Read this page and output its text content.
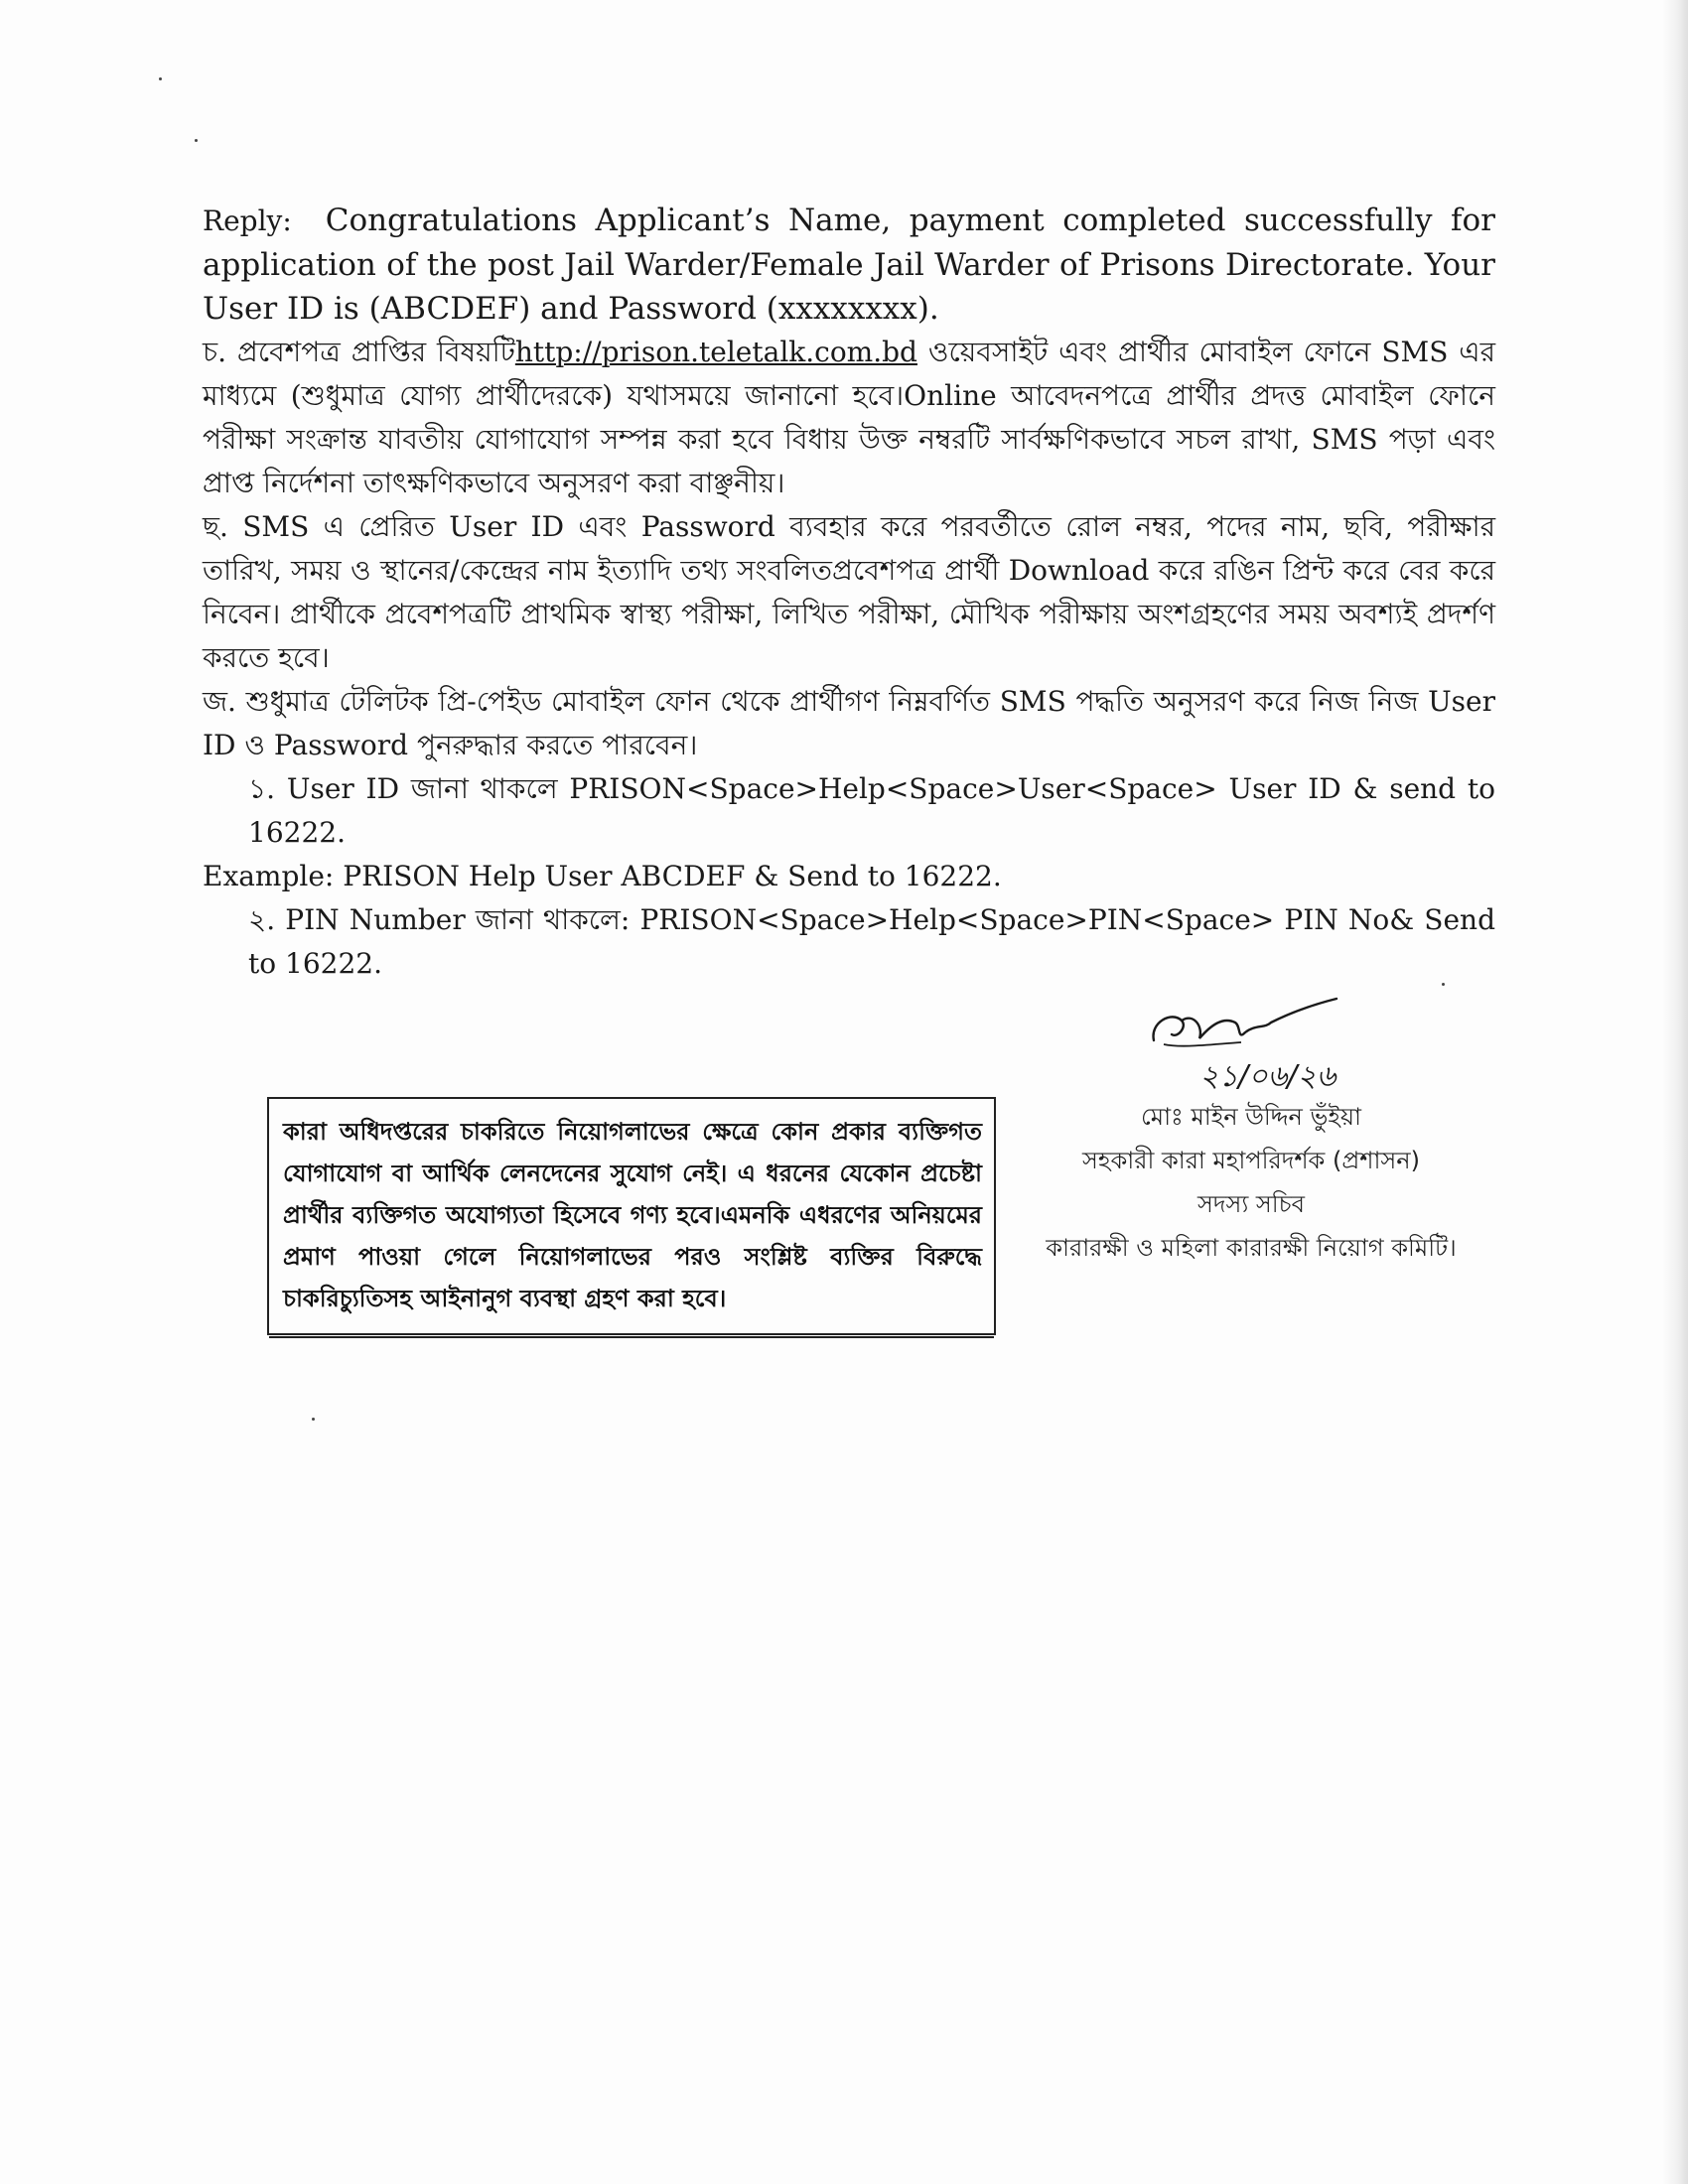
Reply: Congratulations Applicant’s Name, payment completed successfully for application of the post Jail Warder/Female Jail Warder of Prisons Directorate. Your User ID is (ABCDEF) and Password (xxxxxxxx).

চ. প্রবেশপত্র প্রাপ্তির বিষয়টিhttp://prison.teletalk.com.bd ওয়েবসাইট এবং প্রার্থীর মোবাইল ফোনে SMS এর মাধ্যমে (শুধুমাত্র যোগ্য প্রার্থীদেরকে) যথাসময়ে জানানো হবে।Online আবেদনপত্রে প্রার্থীর প্রদত্ত মোবাইল ফোনে পরীক্ষা সংক্রান্ত যাবতীয় যোগাযোগ সম্পন্ন করা হবে বিধায় উক্ত নম্বরটি সার্বক্ষণিকভাবে সচল রাখা, SMS পড়া এবং প্রাপ্ত নির্দেশনা তাৎক্ষণিকভাবে অনুসরণ করা বাঞ্ছনীয়।

ছ. SMS এ প্রেরিত User ID এবং Password ব্যবহার করে পরবর্তীতে রোল নম্বর, পদের নাম, ছবি, পরীক্ষার তারিখ, সময় ও স্থানের/কেন্দ্রের নাম ইত্যাদি তথ্য সংবলিতপ্রবেশপত্র প্রার্থী Download করে রঙিন প্রিন্ট করে বের করে নিবেন। প্রার্থীকে প্রবেশপত্রটি প্রাথমিক স্বাস্থ্য পরীক্ষা, লিখিত পরীক্ষা, মৌখিক পরীক্ষায় অংশগ্রহণের সময় অবশ্যই প্রদর্শণ করতে হবে।

জ. শুধুমাত্র টেলিটক প্রি-পেইড মোবাইল ফোন থেকে প্রার্থীগণ নিম্নবর্ণিত SMS পদ্ধতি অনুসরণ করে নিজ নিজ User ID ও Password পুনরুদ্ধার করতে পারবেন।

১. User ID জানা থাকলে PRISON<Space>Help<Space>User<Space> User ID & send to 16222.

Example: PRISON Help User ABCDEF & Send to 16222.

২. PIN Number জানা থাকলে: PRISON<Space>Help<Space>PIN<Space> PIN No& Send to 16222.

২১/০৬/২৬
কারা অধিদপ্তরের চাকরিতে নিয়োগলাভের ক্ষেত্রে কোন প্রকার ব্যক্তিগত যোগাযোগ বা আর্থিক লেনদেনের সুযোগ নেই। এ ধরনের যেকোন প্রচেষ্টা প্রার্থীর ব্যক্তিগত অযোগ্যতা হিসেবে গণ্য হবে।এমনকি এধরণের অনিয়মের প্রমাণ পাওয়া গেলে নিয়োগলাভের পরও সংশ্লিষ্ট ব্যক্তির বিরুদ্ধে চাকরিচ্যুতিসহ আইনানুগ ব্যবস্থা গ্রহণ করা হবে।
মোঃ মাইন উদ্দিন ভুঁইয়া
সহকারী কারা মহাপরিদর্শক (প্রশাসন)
সদস্য সচিব
কারারক্ষী ও মহিলা কারারক্ষী নিয়োগ কমিটি।
